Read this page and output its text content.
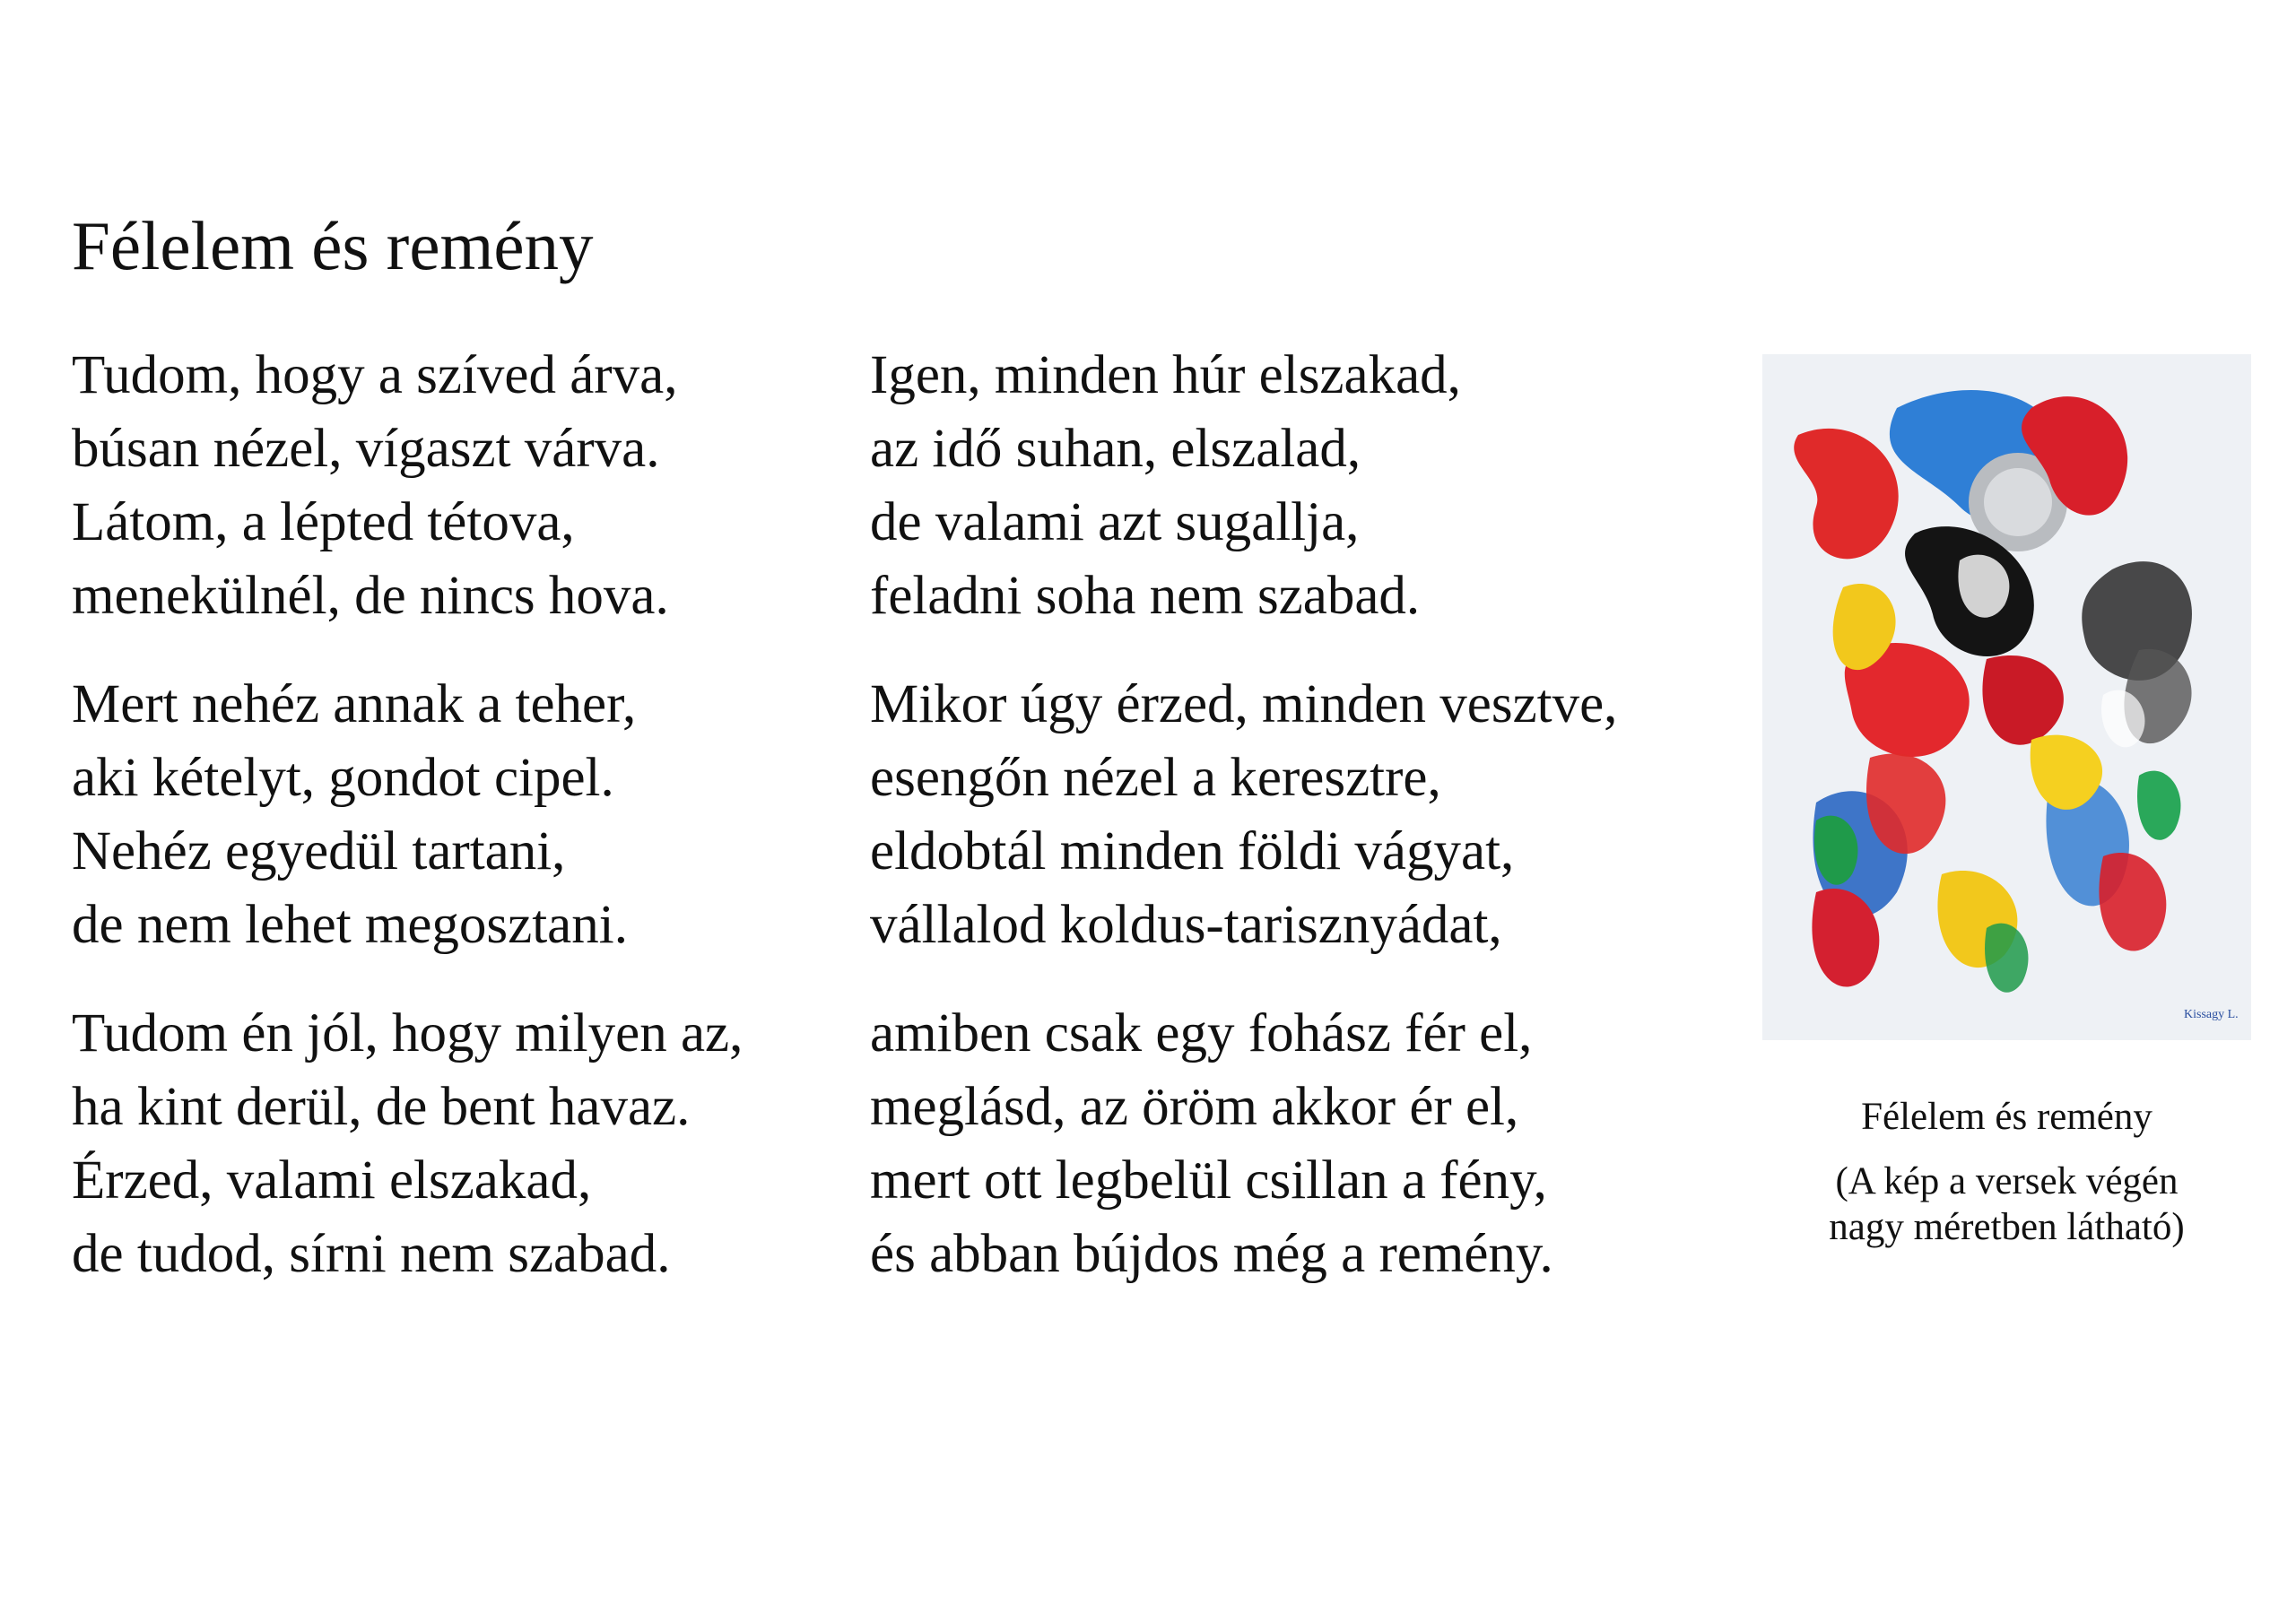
Félelem és remény
Tudom, hogy a szíved árva,
búsan nézel, vígaszt várva.
Látom, a lépted tétova,
menekülnél, de nincs hova.
Mert nehéz annak a teher,
aki kételyt, gondot cipel.
Nehéz egyedül tartani,
de nem lehet megosztani.
Tudom én jól, hogy milyen az,
ha kint derül, de bent havaz.
Érzed, valami elszakad,
de tudod, sírni nem szabad.
Igen, minden húr elszakad,
az idő suhan, elszalad,
de valami azt sugallja,
feladni soha nem szabad.
Mikor úgy érzed, minden vesztve,
esengőn nézel a keresztre,
eldobtál minden földi vágyat,
vállalod koldus-tarisznyádat,
amiben csak egy fohász fér el,
meglásd, az öröm akkor ér el,
mert ott legbelül csillan a fény,
és abban bújdos még a remény.
Kissagy L.
Félelem és remény
(A kép a versek végén
nagy méretben látható)
